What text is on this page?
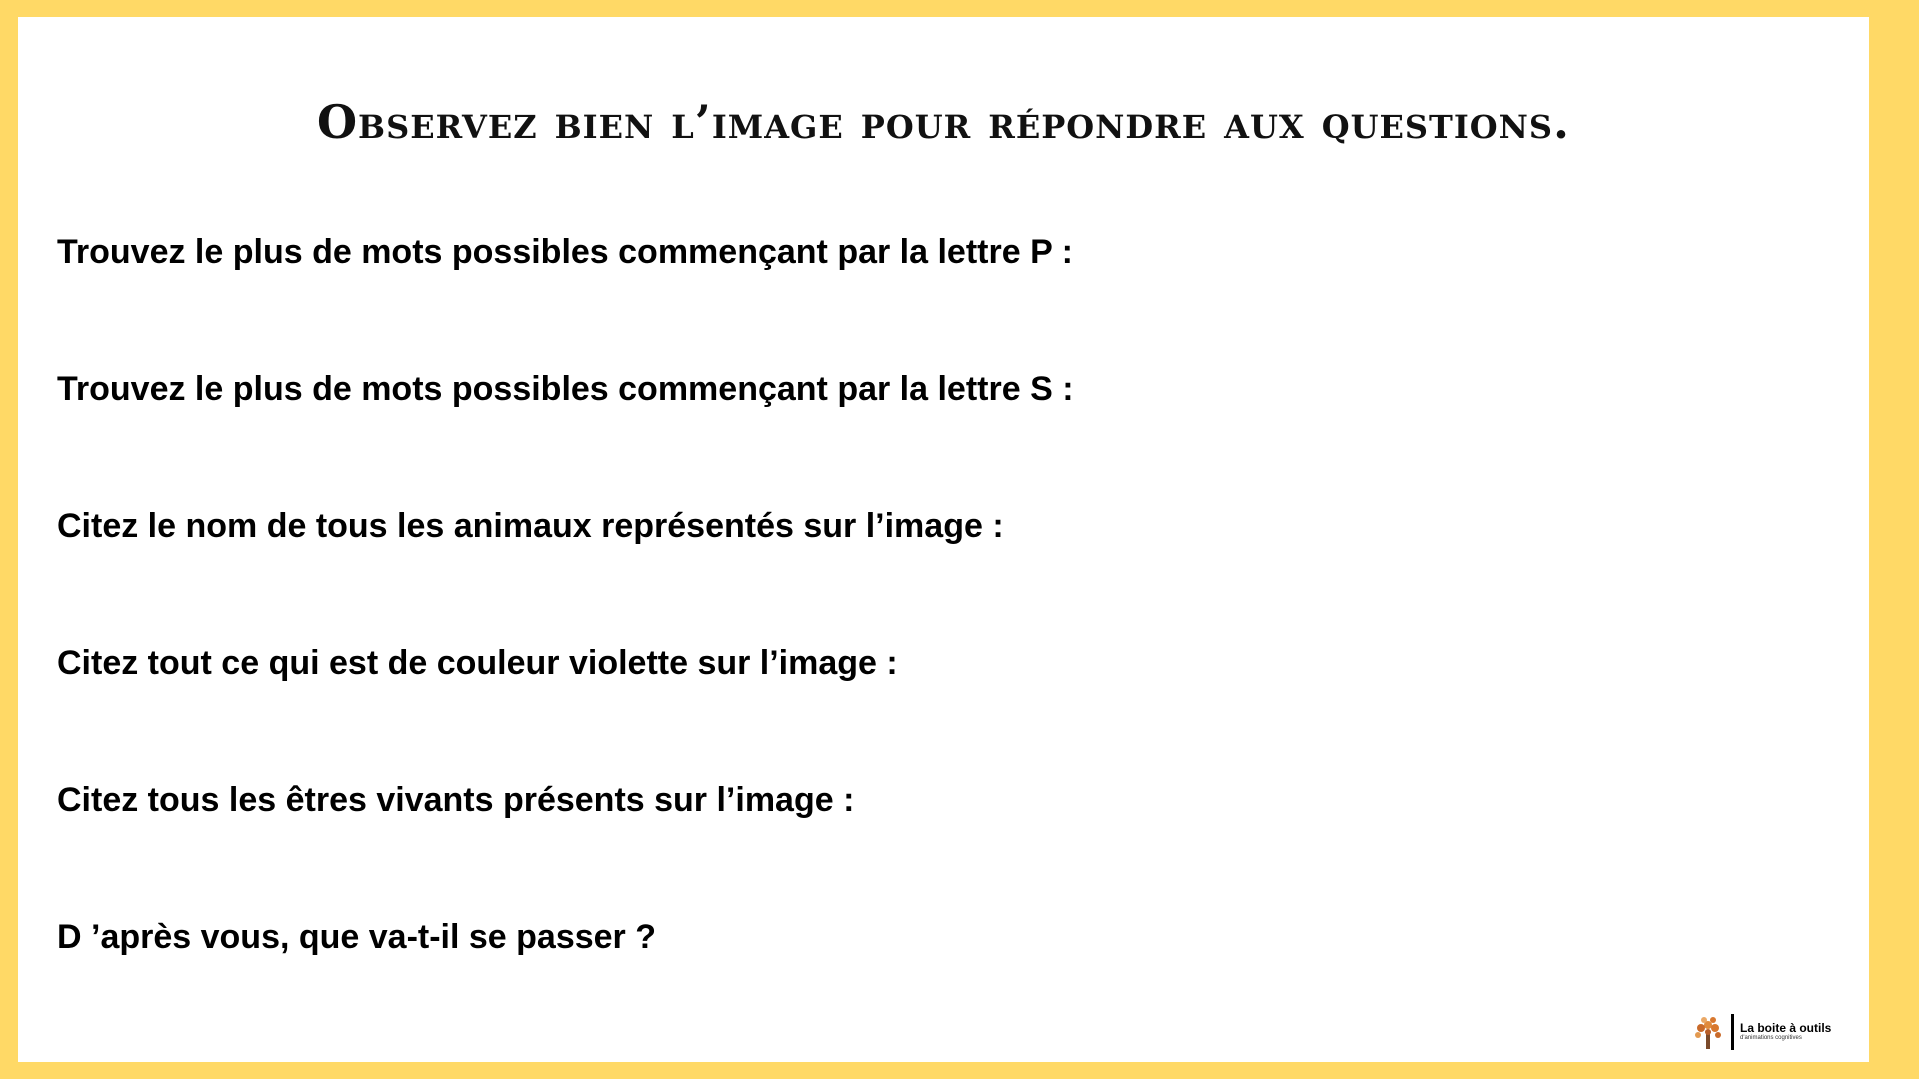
Observez bien l’image pour répondre aux questions.

Trouvez le plus de mots possibles commençant par la lettre P :

Trouvez le plus de mots possibles commençant par la lettre S :

Citez le nom de tous les animaux représentés sur l’image :

Citez tout ce qui est de couleur violette sur l’image :

Citez tous les êtres vivants présents sur l’image :

D ’après vous, que va-t-il se passer ?

La boite à outils
d'animations cognitives
